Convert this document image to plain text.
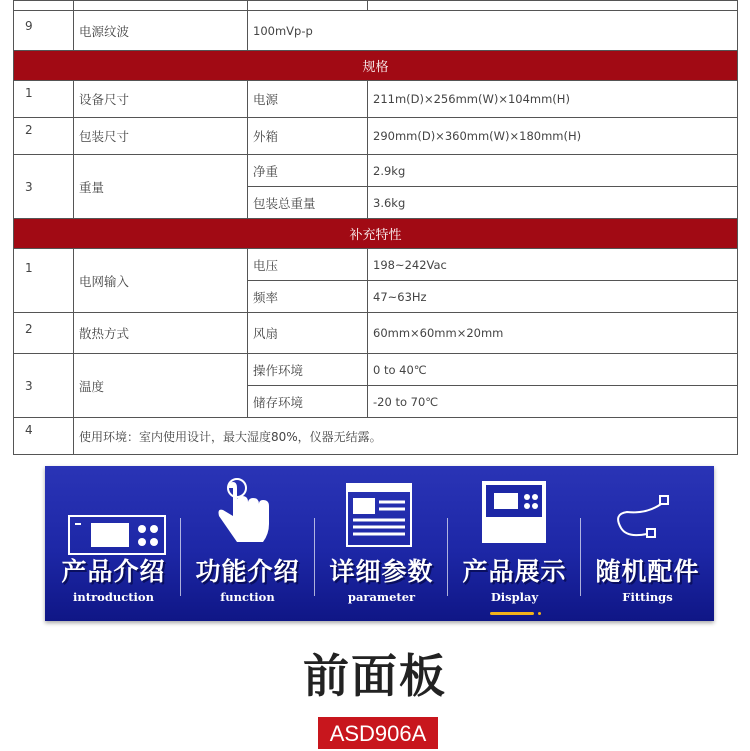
9	电源纹波	100mVp-p	
规格			
1	设备尺寸	电源	211m(D)×256mm(W)×104mm(H)
2	包装尺寸	外箱	290mm(D)×360mm(W)×180mm(H)
3	重量	净重	2.9kg
		包装总重量	3.6kg
补充特性			
1	电网输入	电压	198~242Vac
		频率	47~63Hz
2	散热方式	风扇	60mm×60mm×20mm
3	温度	操作环境	0 to 40℃
		储存环境	-20 to 70℃
4	使用环境：室内使用设计，最大湿度80%，仪器无结露。		
产品介绍
introduction
功能介绍
function
详细参数
parameter
产品展示
Display
随机配件
Fittings
前面板
ASD906A
